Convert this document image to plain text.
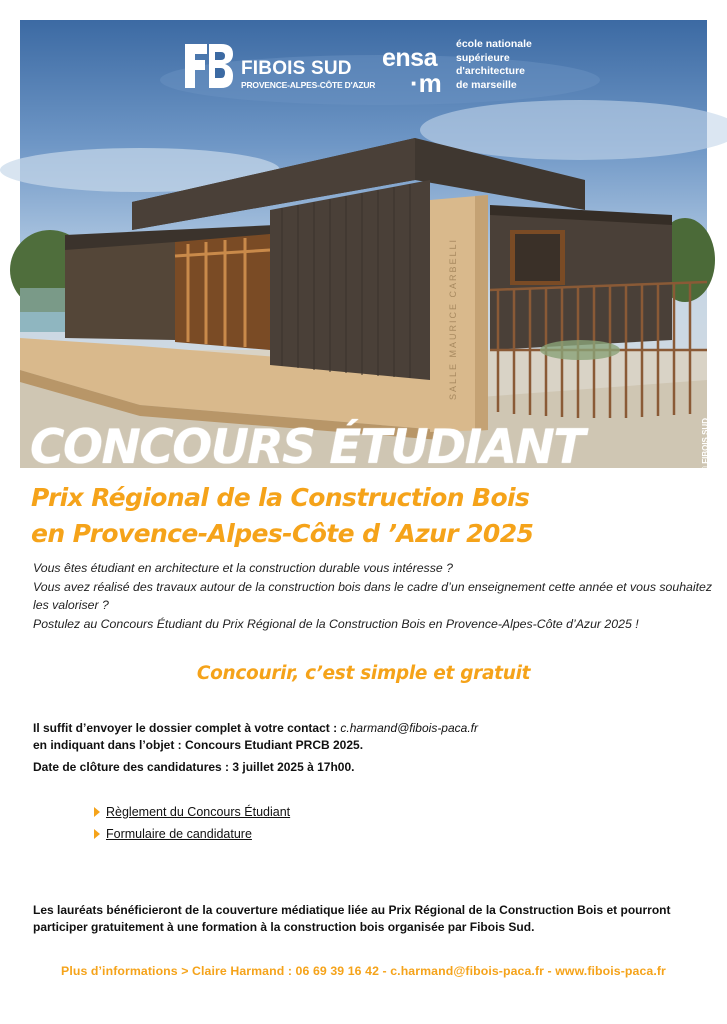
SALLE MAURICE CARBELLI
FIBOIS SUD
PROVENCE-ALPES-CÔTE D'AZUR
ensa
·m
école nationale
supérieure
d'architecture
de marseille
© FIBOIS SUD
CONCOURS ÉTUDIANT
Prix Régional de la Construction Bois
en Provence-Alpes-Côte d ’Azur 2025

Vous êtes étudiant en architecture et la construction durable vous intéresse ?

Vous avez réalisé des travaux autour de la construction bois dans le cadre d’un enseignement cette année et vous souhaitez les valoriser ?

Postulez au Concours Étudiant du Prix Régional de la Construction Bois en Provence-Alpes-Côte d’Azur 2025 !

Concourir, c’est simple et gratuit

Il suffit d’envoyer le dossier complet à votre contact : c.harmand@fibois-paca.fr

en indiquant dans l’objet : Concours Etudiant PRCB 2025.

Date de clôture des candidatures : 3 juillet 2025 à 17h00.

Règlement du Concours Étudiant
Formulaire de candidature
Les lauréats bénéficieront de la couverture médiatique liée au Prix Régional de la Construction Bois et pourront participer gratuitement à une formation à la construction bois organisée par Fibois Sud.
Plus d’informations > Claire Harmand : 06 69 39 16 42 - c.harmand@fibois-paca.fr - www.fibois-paca.fr
